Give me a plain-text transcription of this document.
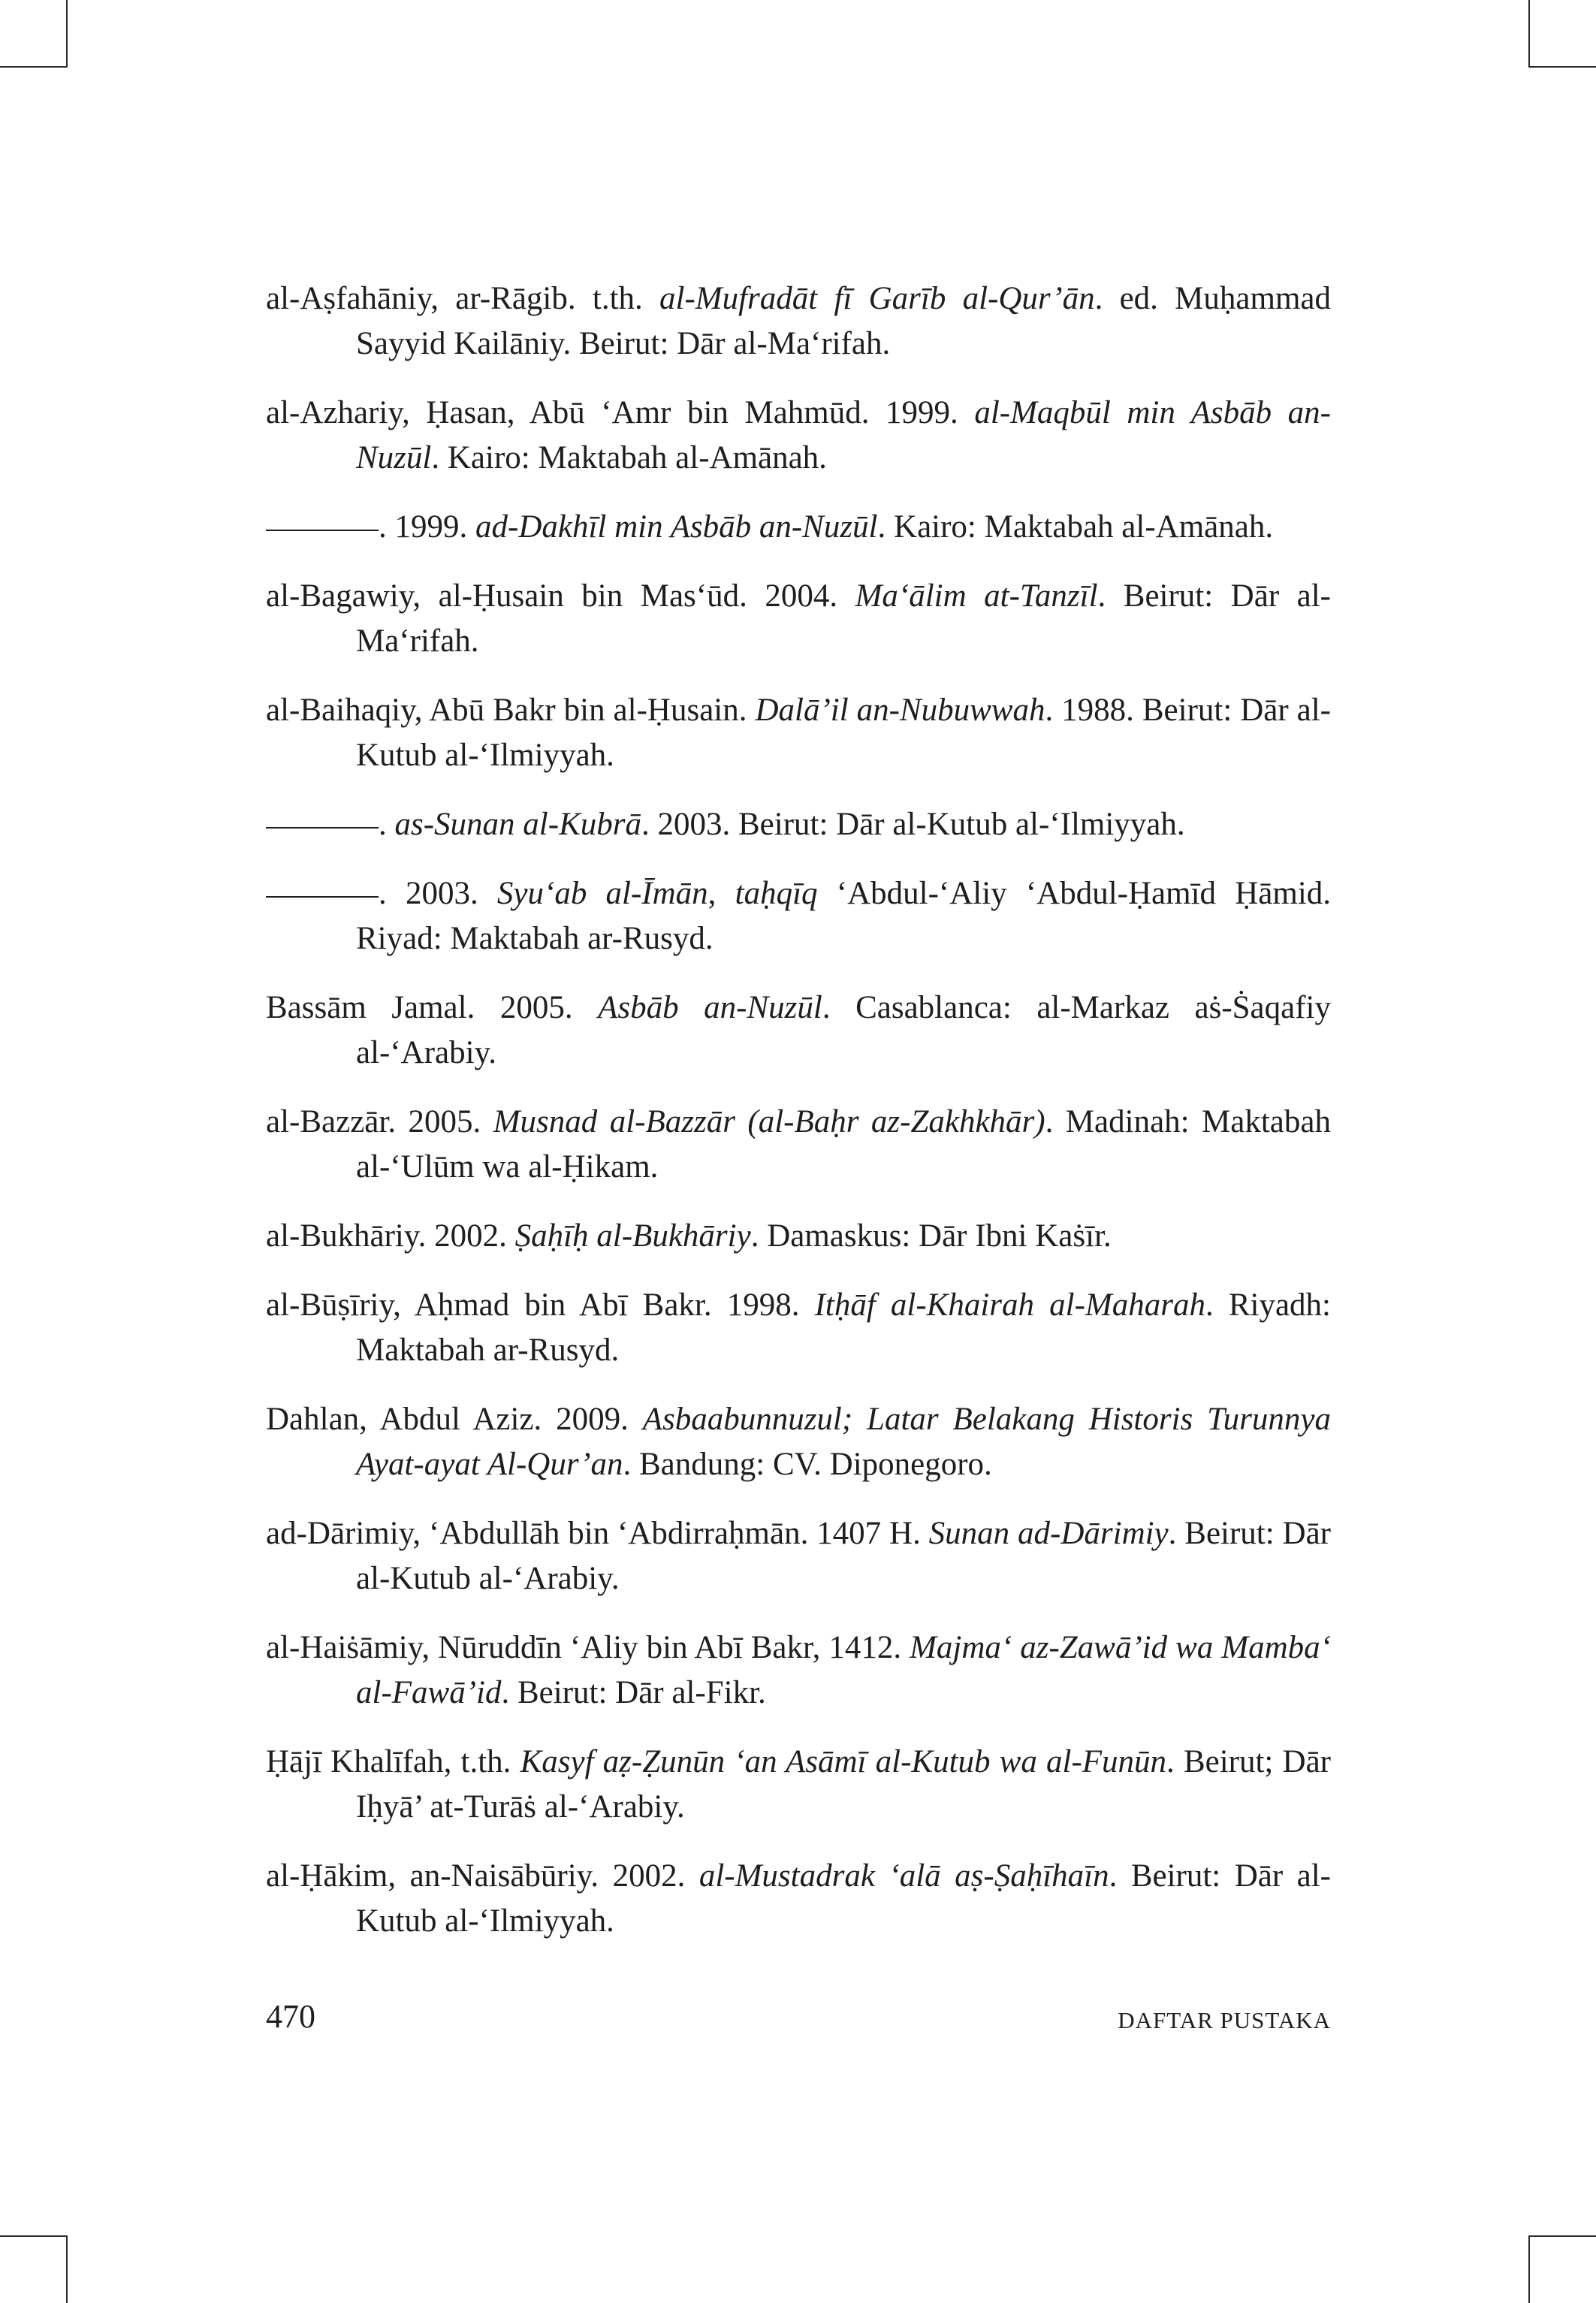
al-Aṣfahāniy, ar-Rāgib. t.th. al-Mufradāt fī Garīb al-Qur’ān. ed. Muḥammad Sayyid Kailāniy. Beirut: Dār al-Ma‘rifah.

al-Azhariy, Ḥasan, Abū ‘Amr bin Mahmūd. 1999. al-Maqbūl min Asbāb an-Nuzūl. Kairo: Maktabah al-Amānah.

. 1999. ad-Dakhīl min Asbāb an-Nuzūl. Kairo: Maktabah al-Amānah.

al-Bagawiy, al-Ḥusain bin Mas‘ūd. 2004. Ma‘ālim at-Tanzīl. Beirut: Dār al-Ma‘rifah.

al-Baihaqiy, Abū Bakr bin al-Ḥusain. Dalā’il an-Nubuwwah. 1988. Beirut: Dār al-Kutub al-‘Ilmiyyah.

. as-Sunan al-Kubrā. 2003. Beirut: Dār al-Kutub al-‘Ilmiyyah.

. 2003. Syu‘ab al-Īmān, taḥqīq ‘Abdul-‘Aliy ‘Abdul-Ḥamīd Ḥāmid. Riyad: Maktabah ar-Rusyd.

Bassām Jamal. 2005. Asbāb an-Nuzūl. Casablanca: al-Markaz aṡ-Ṡaqafiy al-‘Arabiy.

al-Bazzār. 2005. Musnad al-Bazzār (al-Baḥr az-Zakhkhār). Madinah: Maktabah al-‘Ulūm wa al-Ḥikam.

al-Bukhāriy. 2002. Ṣaḥīḥ al-Bukhāriy. Damaskus: Dār Ibni Kaṡīr.

al-Būṣīriy, Aḥmad bin Abī Bakr. 1998. Itḥāf al-Khairah al-Maharah. Riyadh: Maktabah ar-Rusyd.

Dahlan, Abdul Aziz. 2009. Asbaabunnuzul; Latar Belakang Historis Turunnya Ayat-ayat Al-Qur’an. Bandung: CV. Diponegoro.

ad-Dārimiy, ‘Abdullāh bin ‘Abdirraḥmān. 1407 H. Sunan ad-Dārimiy. Beirut: Dār al-Kutub al-‘Arabiy.

al-Haiṡāmiy, Nūruddīn ‘Aliy bin Abī Bakr, 1412. Majma‘ az-Zawā’id wa Mamba‘ al-Fawā’id. Beirut: Dār al-Fikr.

Ḥājī Khalīfah, t.th. Kasyf aẓ-Ẓunūn ‘an Asāmī al-Kutub wa al-Funūn. Beirut; Dār Iḥyā’ at-Turāṡ al-‘Arabiy.

al-Ḥākim, an-Naisābūriy. 2002. al-Mustadrak ‘alā aṣ-Ṣaḥīhaīn. Beirut: Dār al-Kutub al-‘Ilmiyyah.

470	DAFTAR PUSTAKA
